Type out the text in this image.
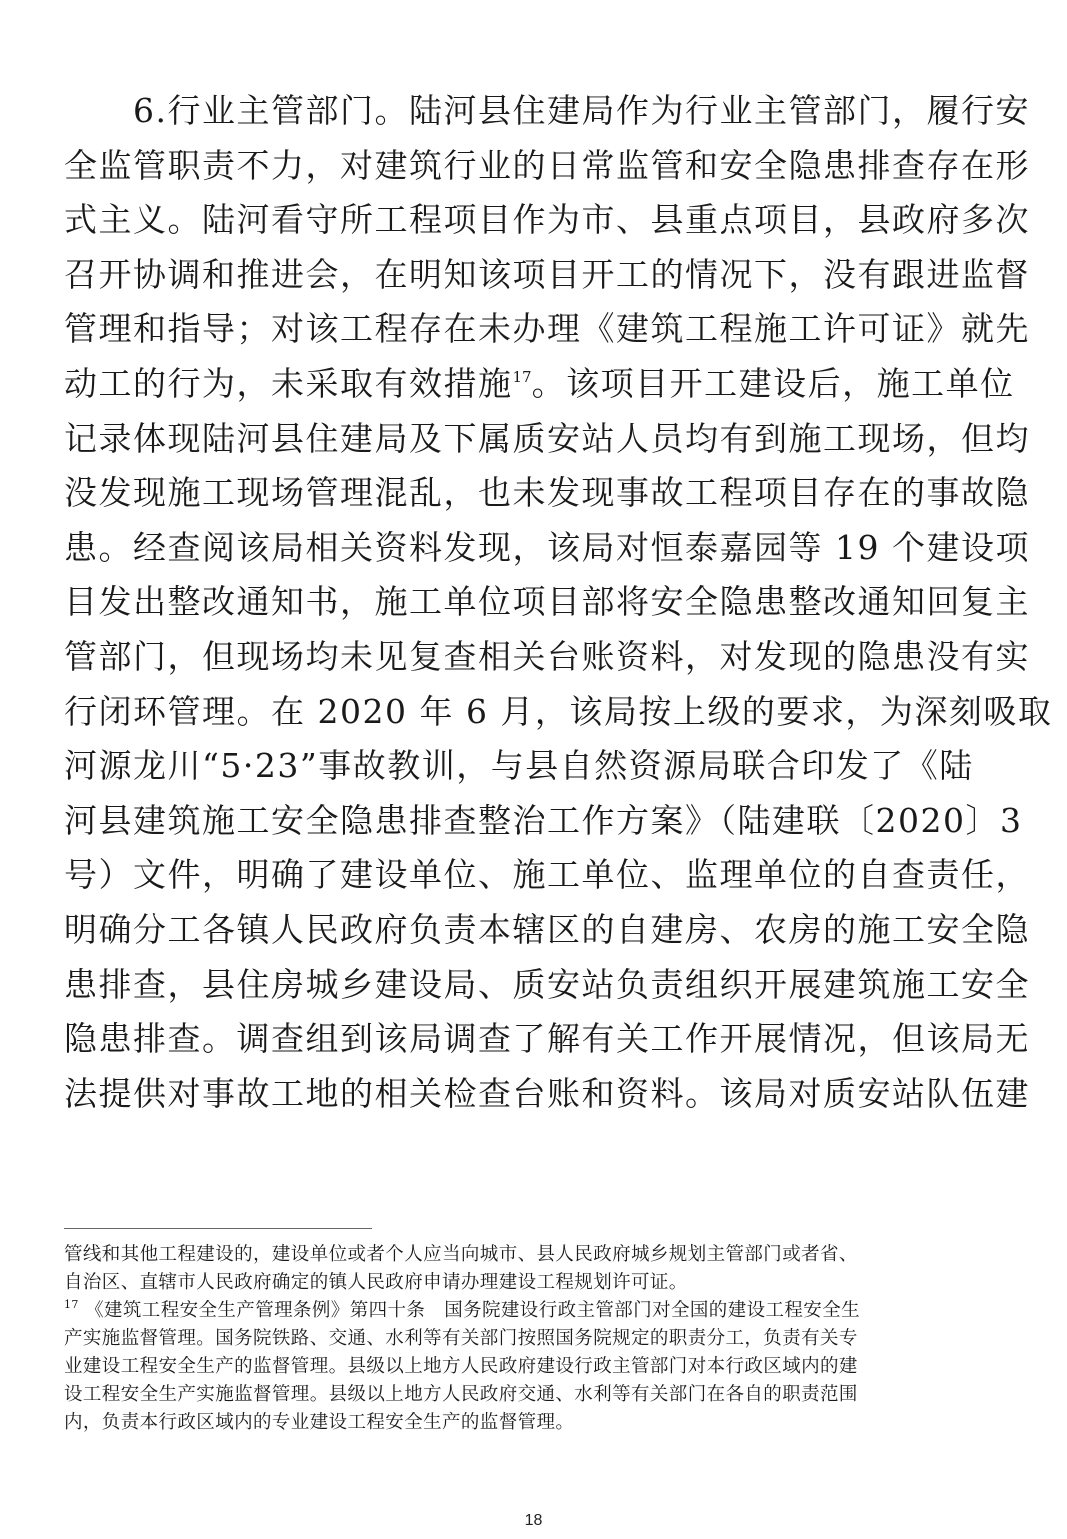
　　6.行业主管部门。陆河县住建局作为行业主管部门，履行安
全监管职责不力，对建筑行业的日常监管和安全隐患排查存在形
式主义。陆河看守所工程项目作为市、县重点项目，县政府多次
召开协调和推进会，在明知该项目开工的情况下，没有跟进监督
管理和指导；对该工程存在未办理《建筑工程施工许可证》就先
动工的行为，未采取有效措施$^{17}$。该项目开工建设后，施工单位
记录体现陆河县住建局及下属质安站人员均有到施工现场，但均
没发现施工现场管理混乱，也未发现事故工程项目存在的事故隐
患。经查阅该局相关资料发现，该局对恒泰嘉园等 19 个建设项
目发出整改通知书，施工单位项目部将安全隐患整改通知回复主
管部门，但现场均未见复查相关台账资料，对发现的隐患没有实
行闭环管理。在 2020 年 6 月，该局按上级的要求，为深刻吸取
河源龙川“5·23”事故教训，与县自然资源局联合印发了《陆
河县建筑施工安全隐患排查整治工作方案》（陆建联〔2020〕3
号）文件，明确了建设单位、施工单位、监理单位的自查责任，
明确分工各镇人民政府负责本辖区的自建房、农房的施工安全隐
患排查，县住房城乡建设局、质安站负责组织开展建筑施工安全
隐患排查。调查组到该局调查了解有关工作开展情况，但该局无
法提供对事故工地的相关检查台账和资料。该局对质安站队伍建
管线和其他工程建设的，建设单位或者个人应当向城市、县人民政府城乡规划主管部门或者省、
自治区、直辖市人民政府确定的镇人民政府申请办理建设工程规划许可证。
$^{17}$ 《建筑工程安全生产管理条例》第四十条　国务院建设行政主管部门对全国的建设工程安全生
产实施监督管理。国务院铁路、交通、水利等有关部门按照国务院规定的职责分工，负责有关专
业建设工程安全生产的监督管理。县级以上地方人民政府建设行政主管部门对本行政区域内的建
设工程安全生产实施监督管理。县级以上地方人民政府交通、水利等有关部门在各自的职责范围
内，负责本行政区域内的专业建设工程安全生产的监督管理。
18
